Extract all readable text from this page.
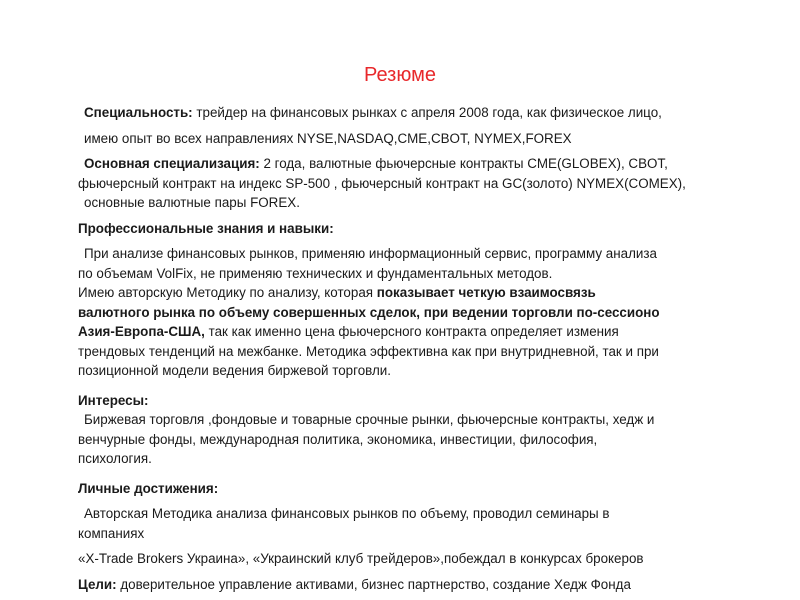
Резюме
Специальность: трейдер на финансовых рынках с апреля 2008 года, как физическое лицо,
имею опыт во всех направлениях NYSE,NASDAQ,CME,CBOT, NYMEX,FOREX
Основная специализация: 2 года, валютные фьючерсные контракты CME(GLOBEX), CBOT,
фьючерсный контракт на индекс SP-500 , фьючерсный контракт на GC(золото) NYMEX(COMEX),
основные валютные пары FOREX.
Профессиональные знания и навыки:
При анализе финансовых рынков, применяю информационный сервис, программу анализа
по объемам VolFix, не применяю технических и фундаментальных методов.
Имею авторскую Методику по анализу, которая показывает четкую взаимосвязь
валютного рынка по объему совершенных сделок, при ведении торговли по-сессионо
Азия-Европа-США, так как именно цена фьючерсного контракта определяет измения
трендовых тенденций на межбанке. Методика эффективна как при внутридневной, так и при
позиционной модели ведения биржевой торговли.
Интересы:
Биржевая торговля ,фондовые и товарные срочные рынки, фьючерсные контракты, хедж и
венчурные фонды, международная политика, экономика, инвестиции, философия,
психология.
Личные достижения:
Авторская Методика анализа финансовых рынков по объему, проводил семинары в
компаниях
«X-Trade Brokers Украина», «Украинский клуб трейдеров»,побеждал в конкурсах брокеров
Цели: доверительное управление активами, бизнес партнерство, создание Хедж Фонда
